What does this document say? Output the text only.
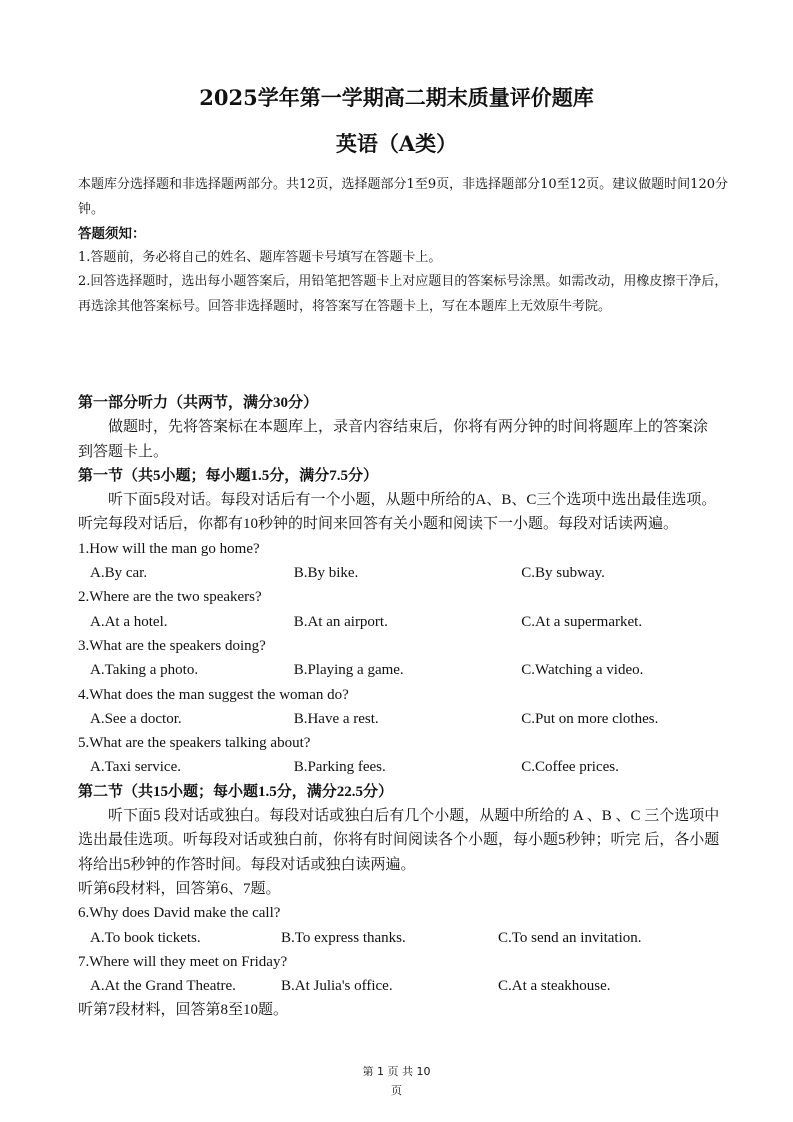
2025学年第一学期高二期末质量评价题库
英语（A类）
本题库分选择题和非选择题两部分。共12页，选择题部分1至9页，非选择题部分10至12页。建议做题时间120分钟。
答题须知：
1.答题前，务必将自己的姓名、题库答题卡号填写在答题卡上。
2.回答选择题时，选出每小题答案后，用铅笔把答题卡上对应题目的答案标号涂黑。如需改动，用橡皮擦干净后，再选涂其他答案标号。回答非选择题时，将答案写在答题卡上，写在本题库上无效原牛考院。
第一部分听力（共两节，满分30分）
做题时，先将答案标在本题库上，录音内容结束后，你将有两分钟的时间将题库上的答案涂到答题卡上。
第一节（共5小题；每小题1.5分，满分7.5分）
听下面5段对话。每段对话后有一个小题，从题中所给的A、B、C三个选项中选出最佳选项。听完每段对话后，你都有10秒钟的时间来回答有关小题和阅读下一小题。每段对话读两遍。
1.How will the man go home?
A.By car.	B.By bike.	C.By subway.
2.Where are the two speakers?
A.At a hotel.	B.At an airport.	C.At a supermarket.
3.What are the speakers doing?
A.Taking a photo.	B.Playing a game.	C.Watching a video.
4.What does the man suggest the woman do?
A.See a doctor.	B.Have a rest.	C.Put on more clothes.
5.What are the speakers talking about?
A.Taxi service.	B.Parking fees.	C.Coffee prices.
第二节（共15小题；每小题1.5分，满分22.5分）
听下面5 段对话或独白。每段对话或独白后有几个小题，从题中所给的 A 、B 、C 三个选项中选出最佳选项。听每段对话或独白前，你将有时间阅读各个小题，每小题5秒钟；听完 后，各小题将给出5秒钟的作答时间。每段对话或独白读两遍。
听第6段材料，回答第6、7题。
6.Why does David make the call?
A.To book tickets.	B.To express thanks.	C.To send an invitation.
7.Where will they meet on Friday?
A.At the Grand Theatre.	B.At Julia's office.	C.At a steakhouse.
听第7段材料，回答第8至10题。
第 1 页 共 10
页
